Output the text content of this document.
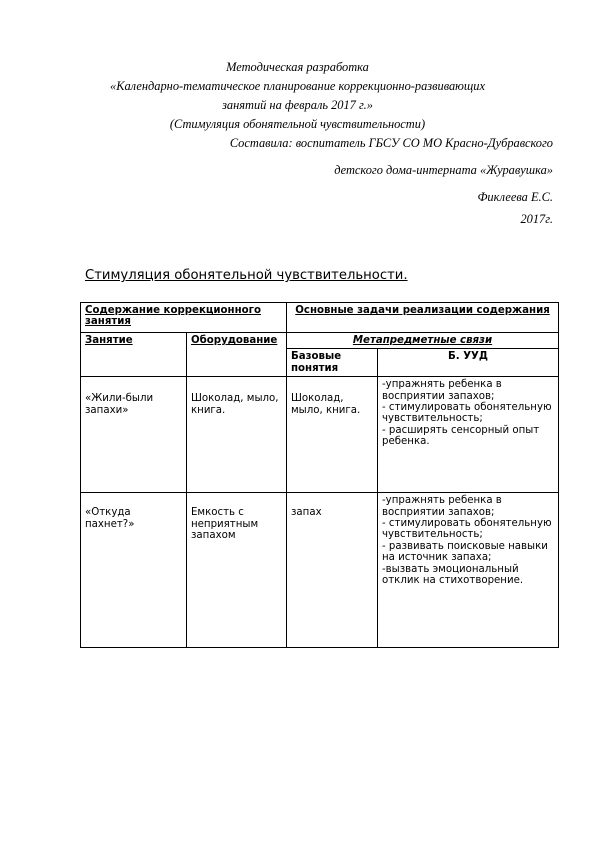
Методическая разработка
«Календарно-тематическое планирование коррекционно-развивающих
занятий на февраль 2017 г.»
(Стимуляция обонятельной чувствительности)
Составила: воспитатель ГБСУ СО МО Красно-Дубравского
детского дома-интерната «Журавушка»
Фиклеева Е.С.
2017г.
Стимуляция обонятельной чувствительности.
Содержание коррекционного занятия		Основные задачи реализации содержания	
Занятие	Оборудование	Метапредметные связи	
		Базовые понятия	Б. УУД
«Жили-были запахи»	Шоколад, мыло, книга.	Шоколад, мыло, книга.	-упражнять ребенка в восприятии запахов;
- стимулировать обонятельную чувствительность;
- расширять сенсорный опыт ребенка.
«Откуда пахнет?»	Емкость с неприятным запахом	запах	-упражнять ребенка в восприятии запахов;
- стимулировать обонятельную чувствительность;
- развивать поисковые навыки на источник запаха;
-вызвать эмоциональный отклик на стихотворение.
